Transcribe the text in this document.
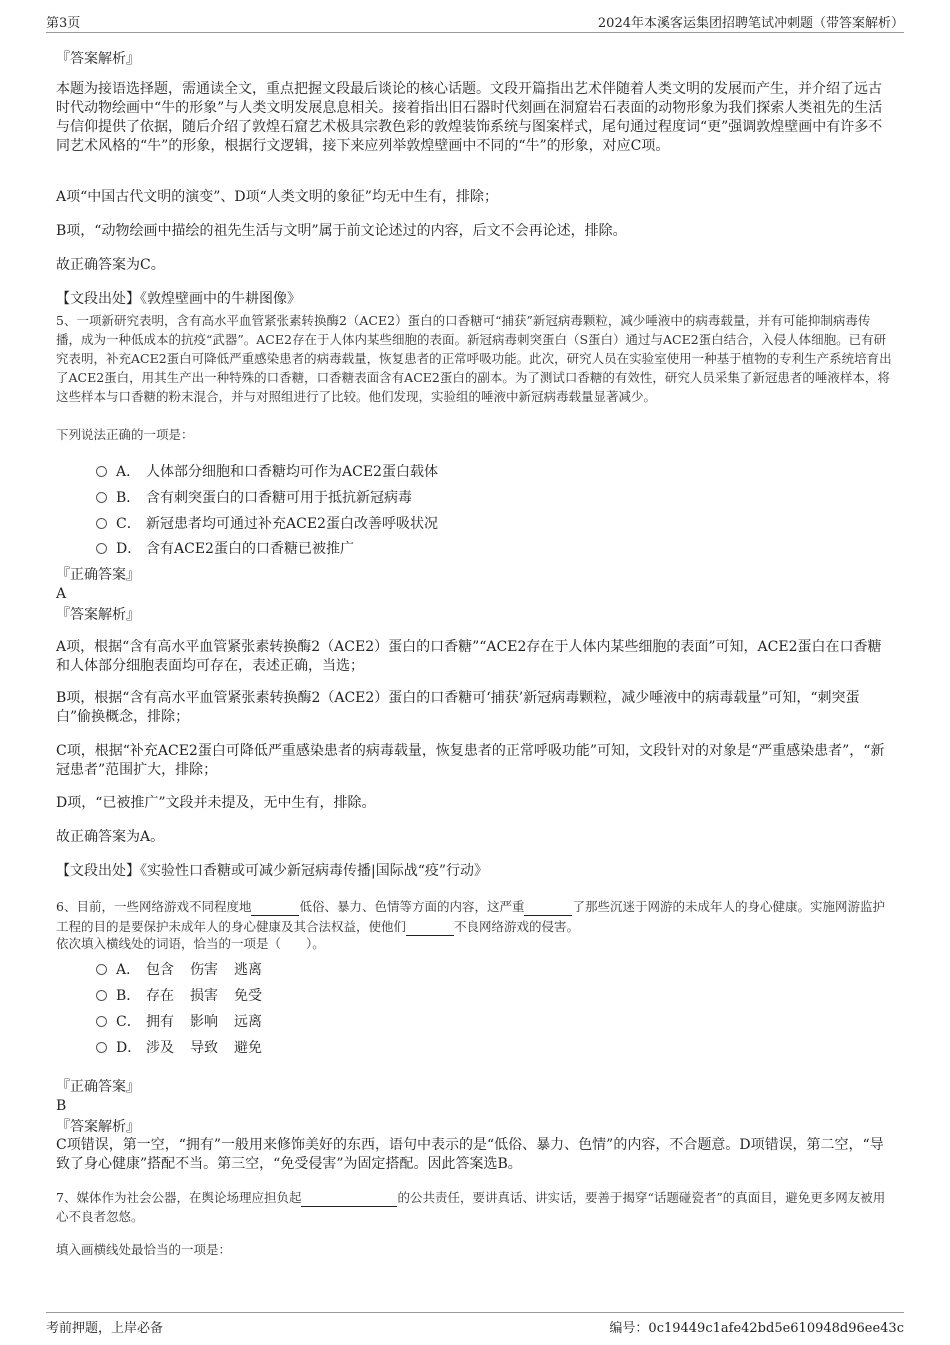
第3页	2024年本溪客运集团招聘笔试冲刺题（带答案解析）
『答案解析』
本题为接语选择题，需通读全文，重点把握文段最后谈论的核心话题。文段开篇指出艺术伴随着人类文明的发展而产生，并介绍了远古时代动物绘画中“牛的形象”与人类文明发展息息相关。接着指出旧石器时代刻画在洞窟岩石表面的动物形象为我们探索人类祖先的生活与信仰提供了依据，随后介绍了敦煌石窟艺术极具宗教色彩的敦煌装饰系统与图案样式，尾句通过程度词“更”强调敦煌壁画中有许多不同艺术风格的“牛”的形象，根据行文逻辑，接下来应列举敦煌壁画中不同的“牛”的形象，对应C项。
A项“中国古代文明的演变”、D项“人类文明的象征”均无中生有，排除；
B项，“动物绘画中描绘的祖先生活与文明”属于前文论述过的内容，后文不会再论述，排除。
故正确答案为C。
【文段出处】《敦煌壁画中的牛耕图像》
5、一项新研究表明，含有高水平血管紧张素转换酶2（ACE2）蛋白的口香糖可“捕获”新冠病毒颗粒，减少唾液中的病毒载量，并有可能抑制病毒传播，成为一种低成本的抗疫“武器”。ACE2存在于人体内某些细胞的表面。新冠病毒刺突蛋白（S蛋白）通过与ACE2蛋白结合，入侵人体细胞。已有研究表明，补充ACE2蛋白可降低严重感染患者的病毒载量，恢复患者的正常呼吸功能。此次，研究人员在实验室使用一种基于植物的专利生产系统培育出了ACE2蛋白，用其生产出一种特殊的口香糖，口香糖表面含有ACE2蛋白的副本。为了测试口香糖的有效性，研究人员采集了新冠患者的唾液样本，将这些样本与口香糖的粉末混合，并与对照组进行了比较。他们发现，实验组的唾液中新冠病毒载量显著减少。
下列说法正确的一项是：
A． 人体部分细胞和口香糖均可作为ACE2蛋白载体
B． 含有刺突蛋白的口香糖可用于抵抗新冠病毒
C． 新冠患者均可通过补充ACE2蛋白改善呼吸状况
D． 含有ACE2蛋白的口香糖已被推广
『正确答案』
A
『答案解析』
A项，根据“含有高水平血管紧张素转换酶2（ACE2）蛋白的口香糖”“ACE2存在于人体内某些细胞的表面”可知，ACE2蛋白在口香糖和人体部分细胞表面均可存在，表述正确，当选；
B项，根据“含有高水平血管紧张素转换酶2（ACE2）蛋白的口香糖可‘捕获’新冠病毒颗粒，减少唾液中的病毒载量”可知，“刺突蛋白”偷换概念，排除；
C项，根据“补充ACE2蛋白可降低严重感染患者的病毒载量，恢复患者的正常呼吸功能”可知，文段针对的对象是“严重感染患者”，“新冠患者”范围扩大，排除；
D项，“已被推广”文段并未提及，无中生有，排除。
故正确答案为A。
【文段出处】《实验性口香糖或可减少新冠病毒传播|国际战“疫”行动》
6、目前，一些网络游戏不同程度地	低俗、暴力、色情等方面的内容，这严重	了那些沉迷于网游的未成年人的身心健康。实施网游监护工程的目的是要保护未成年人的身心健康及其合法权益，使他们	不良网络游戏的侵害。
依次填入横线处的词语，恰当的一项是（　　）。
A． 包含 伤害 逃离
B． 存在 损害 免受
C． 拥有 影响 远离
D． 涉及 导致 避免
『正确答案』
B
『答案解析』
C项错误，第一空，“拥有”一般用来修饰美好的东西，语句中表示的是“低俗、暴力、色情”的内容，不合题意。D项错误，第二空，“导致了身心健康”搭配不当。第三空，“免受侵害”为固定搭配。因此答案选B。
7、媒体作为社会公器，在舆论场理应担负起	的公共责任，要讲真话、讲实话，要善于揭穿“话题碰瓷者”的真面目，避免更多网友被用心不良者忽悠。
填入画横线处最恰当的一项是：
考前押题，上岸必备	编号：0c19449c1afe42bd5e610948d96ee43c
